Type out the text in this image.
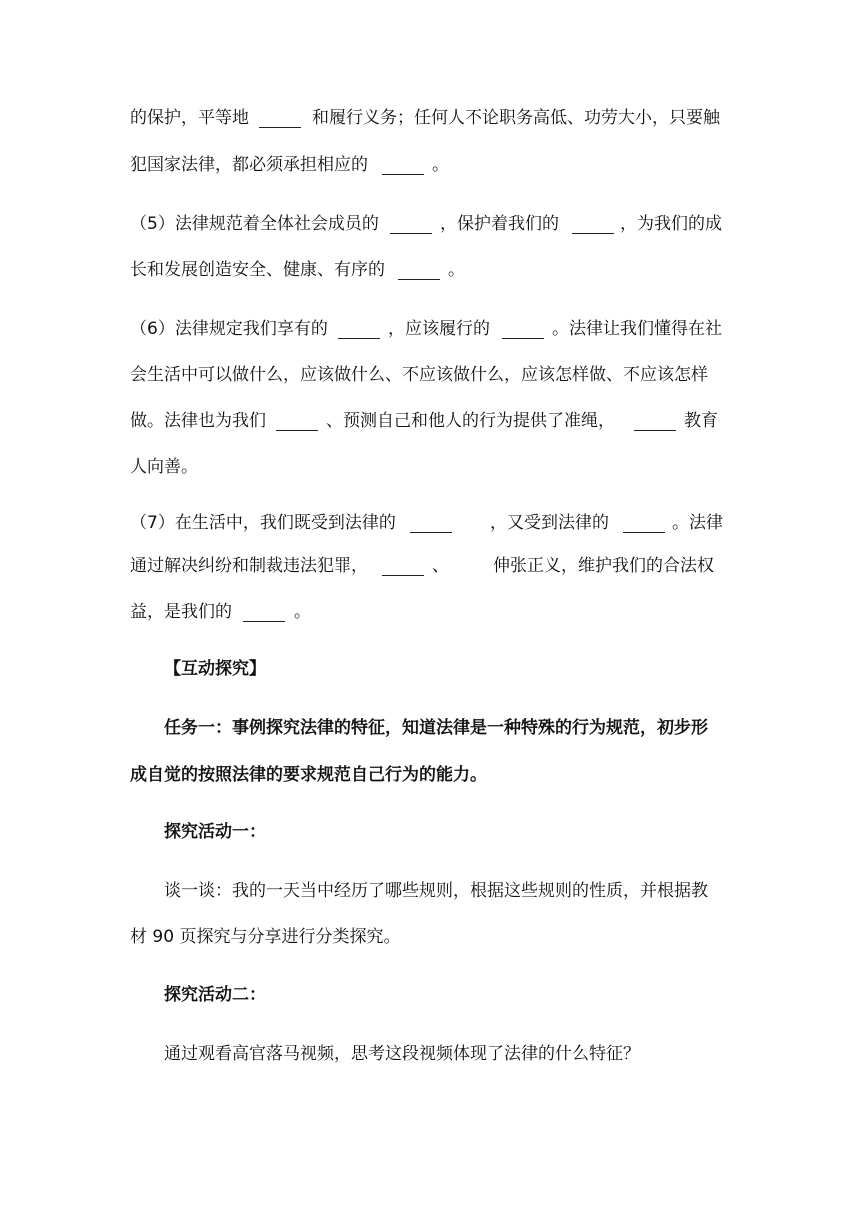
的保护，平等地	和履行义务；任何人不论职务高低、功劳大小，只要触
犯国家法律，都必须承担相应的	。
（5）法律规范着全体社会成员的	，保护着我们的	，为我们的成
长和发展创造安全、健康、有序的	。
（6）法律规定我们享有的	，应该履行的	。法律让我们懂得在社
会生活中可以做什么，应该做什么、不应该做什么，应该怎样做、不应该怎样
做。法律也为我们	、预测自己和他人的行为提供了准绳，	教育
人向善。
（7）在生活中，我们既受到法律的	，又受到法律的	。法律
通过解决纠纷和制裁违法犯罪，	、	伸张正义，维护我们的合法权
益，是我们的	。
【互动探究】
任务一：事例探究法律的特征，知道法律是一种特殊的行为规范，初步形
成自觉的按照法律的要求规范自己行为的能力。
探究活动一：
谈一谈：我的一天当中经历了哪些规则，根据这些规则的性质，并根据教
材 90 页探究与分享进行分类探究。
探究活动二：
通过观看高官落马视频，思考这段视频体现了法律的什么特征？
